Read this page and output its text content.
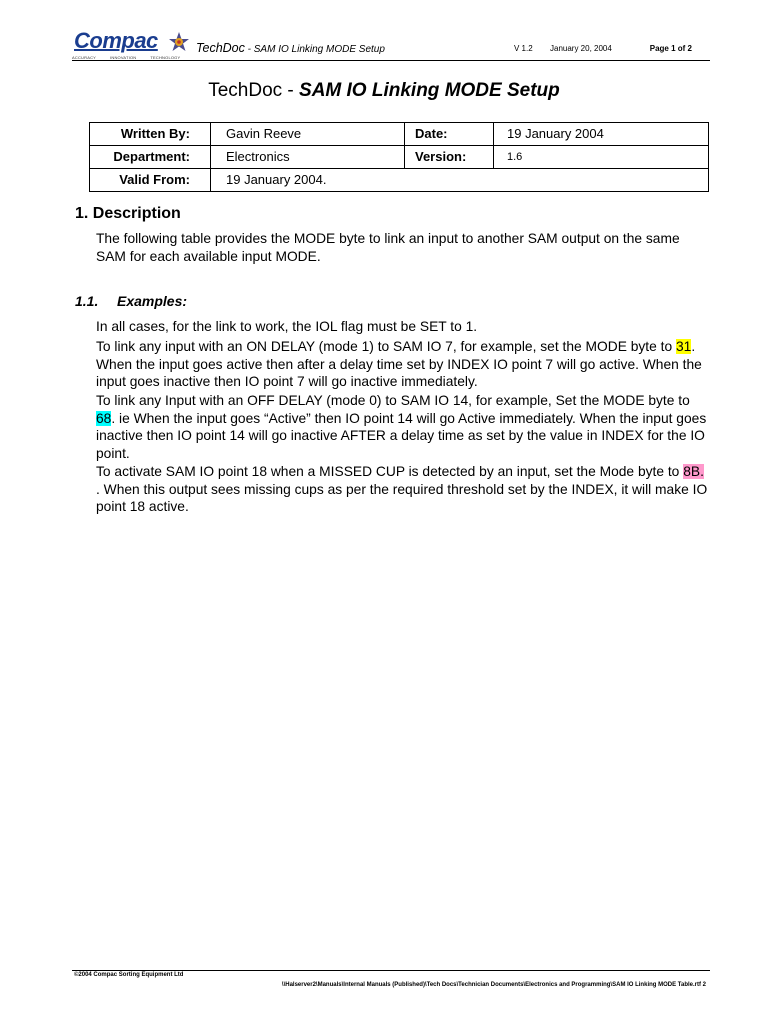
Compac
ACCURACY	INNOVATION	TECHNOLOGY
TechDoc - SAM IO Linking MODE Setup	V 1.2 January 20, 2004	Page 1 of 2
TechDoc - SAM IO Linking MODE Setup
Written By:	Gavin Reeve	Date:	19 January 2004
Department:	Electronics	Version:	1.6
Valid From:	19 January 2004.		
1. Description
The following table provides the MODE byte to link an input to another SAM output on the same SAM for each available input MODE.
1.1. Examples:
In all cases, for the link to work, the IOL flag must be SET to 1.
To link any input with an ON DELAY (mode 1) to SAM IO 7, for example, set the MODE byte to 31. When the input goes active then after a delay time set by INDEX IO point 7 will go active. When the input goes inactive then IO point 7 will go inactive immediately.
To link any Input with an OFF DELAY (mode 0) to SAM IO 14, for example, Set the MODE byte to 68. ie When the input goes “Active” then IO point 14 will go Active immediately. When the input goes inactive then IO point 14 will go inactive AFTER a delay time as set by the value in INDEX for the IO point.
To activate SAM IO point 18 when a MISSED CUP is detected by an input, set the Mode byte to 8B. . When this output sees missing cups as per the required threshold set by the INDEX, it will make IO point 18 active.
©2004 Compac Sorting Equipment Ltd
\\Halserver2\Manuals\Internal Manuals (Published)\Tech Docs\Technician Documents\Electronics and Programming\SAM IO Linking MODE Table.rtf 2
